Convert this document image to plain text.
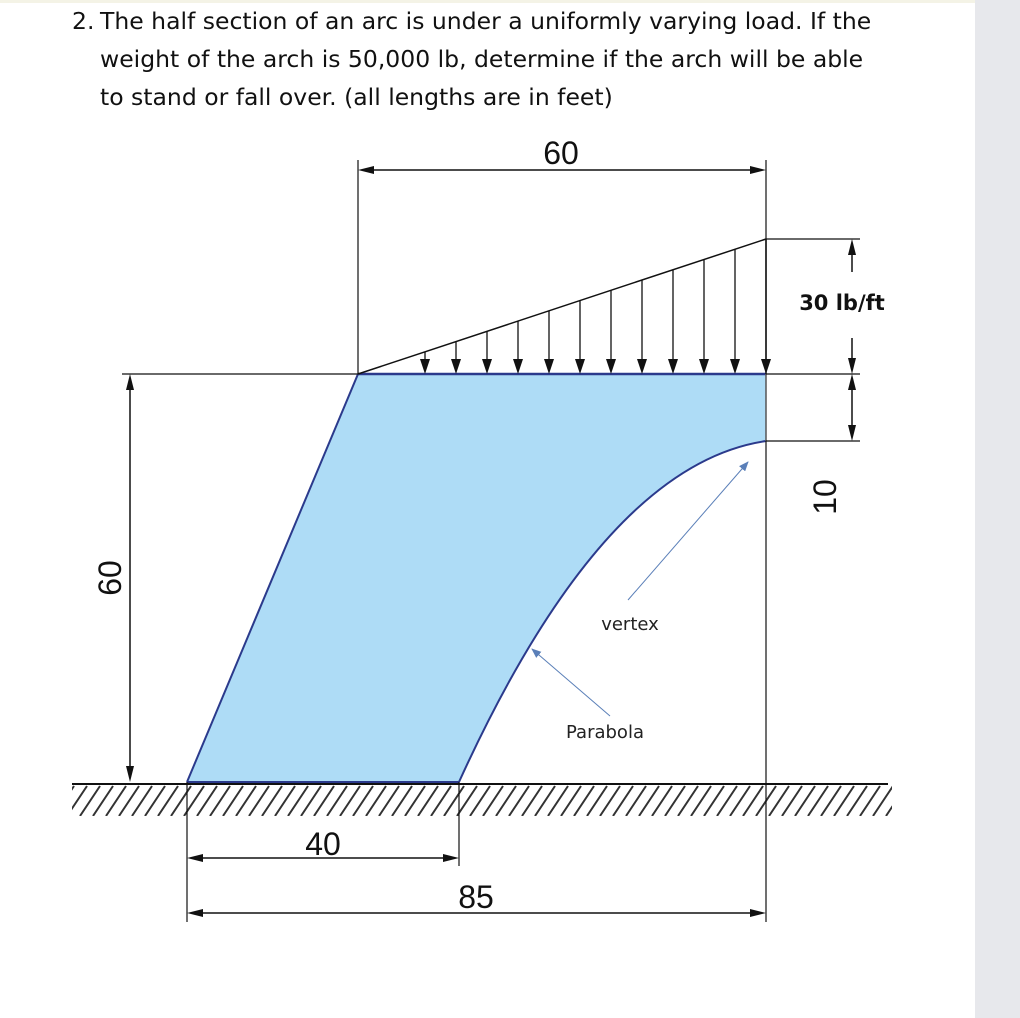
2. The half section of an arc is under a uniformly varying load. If the
weight of the arch is 50,000 lb, determine if the arch will be able
to stand or fall over. (all lengths are in feet)
60
60
30 lb/ft
10
40
85
vertex
Parabola
